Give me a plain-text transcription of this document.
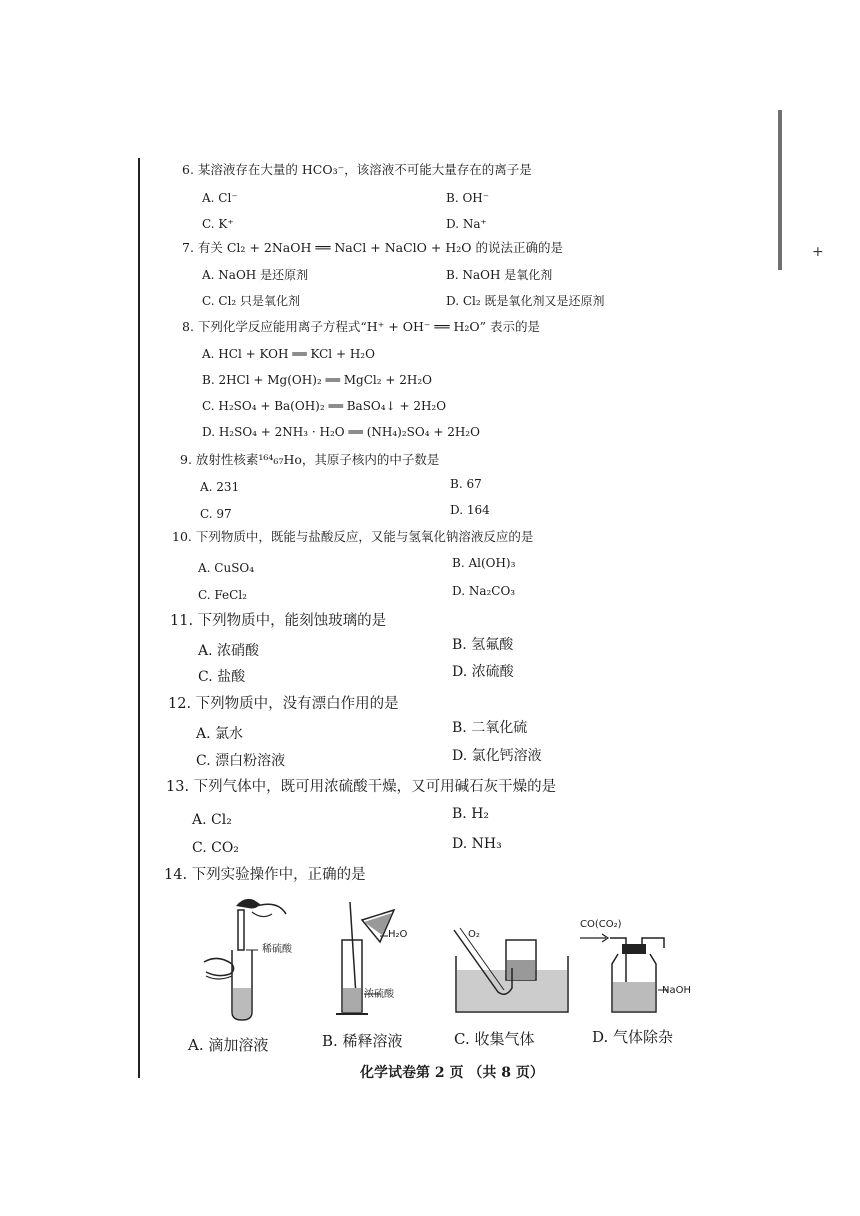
+
6. 某溶液存在大量的 HCO₃⁻，该溶液不可能大量存在的离子是
A. Cl⁻	B. OH⁻
C. K⁺	D. Na⁺
7. 有关 Cl₂ + 2NaOH ══ NaCl + NaClO + H₂O 的说法正确的是
A. NaOH 是还原剂	B. NaOH 是氧化剂
C. Cl₂ 只是氧化剂	D. Cl₂ 既是氧化剂又是还原剂
8. 下列化学反应能用离子方程式“H⁺ + OH⁻ ══ H₂O” 表示的是
A. HCl + KOH ══ KCl + H₂O
B. 2HCl + Mg(OH)₂ ══ MgCl₂ + 2H₂O
C. H₂SO₄ + Ba(OH)₂ ══ BaSO₄↓ + 2H₂O
D. H₂SO₄ + 2NH₃ · H₂O ══ (NH₄)₂SO₄ + 2H₂O
9. 放射性核素¹⁶⁴₆₇Ho，其原子核内的中子数是
A. 231	B. 67
C. 97	D. 164
10. 下列物质中，既能与盐酸反应，又能与氢氧化钠溶液反应的是
A. CuSO₄	B. Al(OH)₃
C. FeCl₂	D. Na₂CO₃
11. 下列物质中，能刻蚀玻璃的是
A. 浓硝酸	B. 氢氟酸
C. 盐酸	D. 浓硫酸
12. 下列物质中，没有漂白作用的是
A. 氯水	B. 二氧化硫
C. 漂白粉溶液	D. 氯化钙溶液
13. 下列气体中，既可用浓硫酸干燥，又可用碱石灰干燥的是
A. Cl₂	B. H₂
C. CO₂	D. NH₃
14. 下列实验操作中，正确的是
稀硫酸
H₂O
浓硫酸
O₂
CO(CO₂)
NaOH
A. 滴加溶液	B. 稀释溶液	C. 收集气体	D. 气体除杂
化学试卷第 2 页 （共 8 页）
